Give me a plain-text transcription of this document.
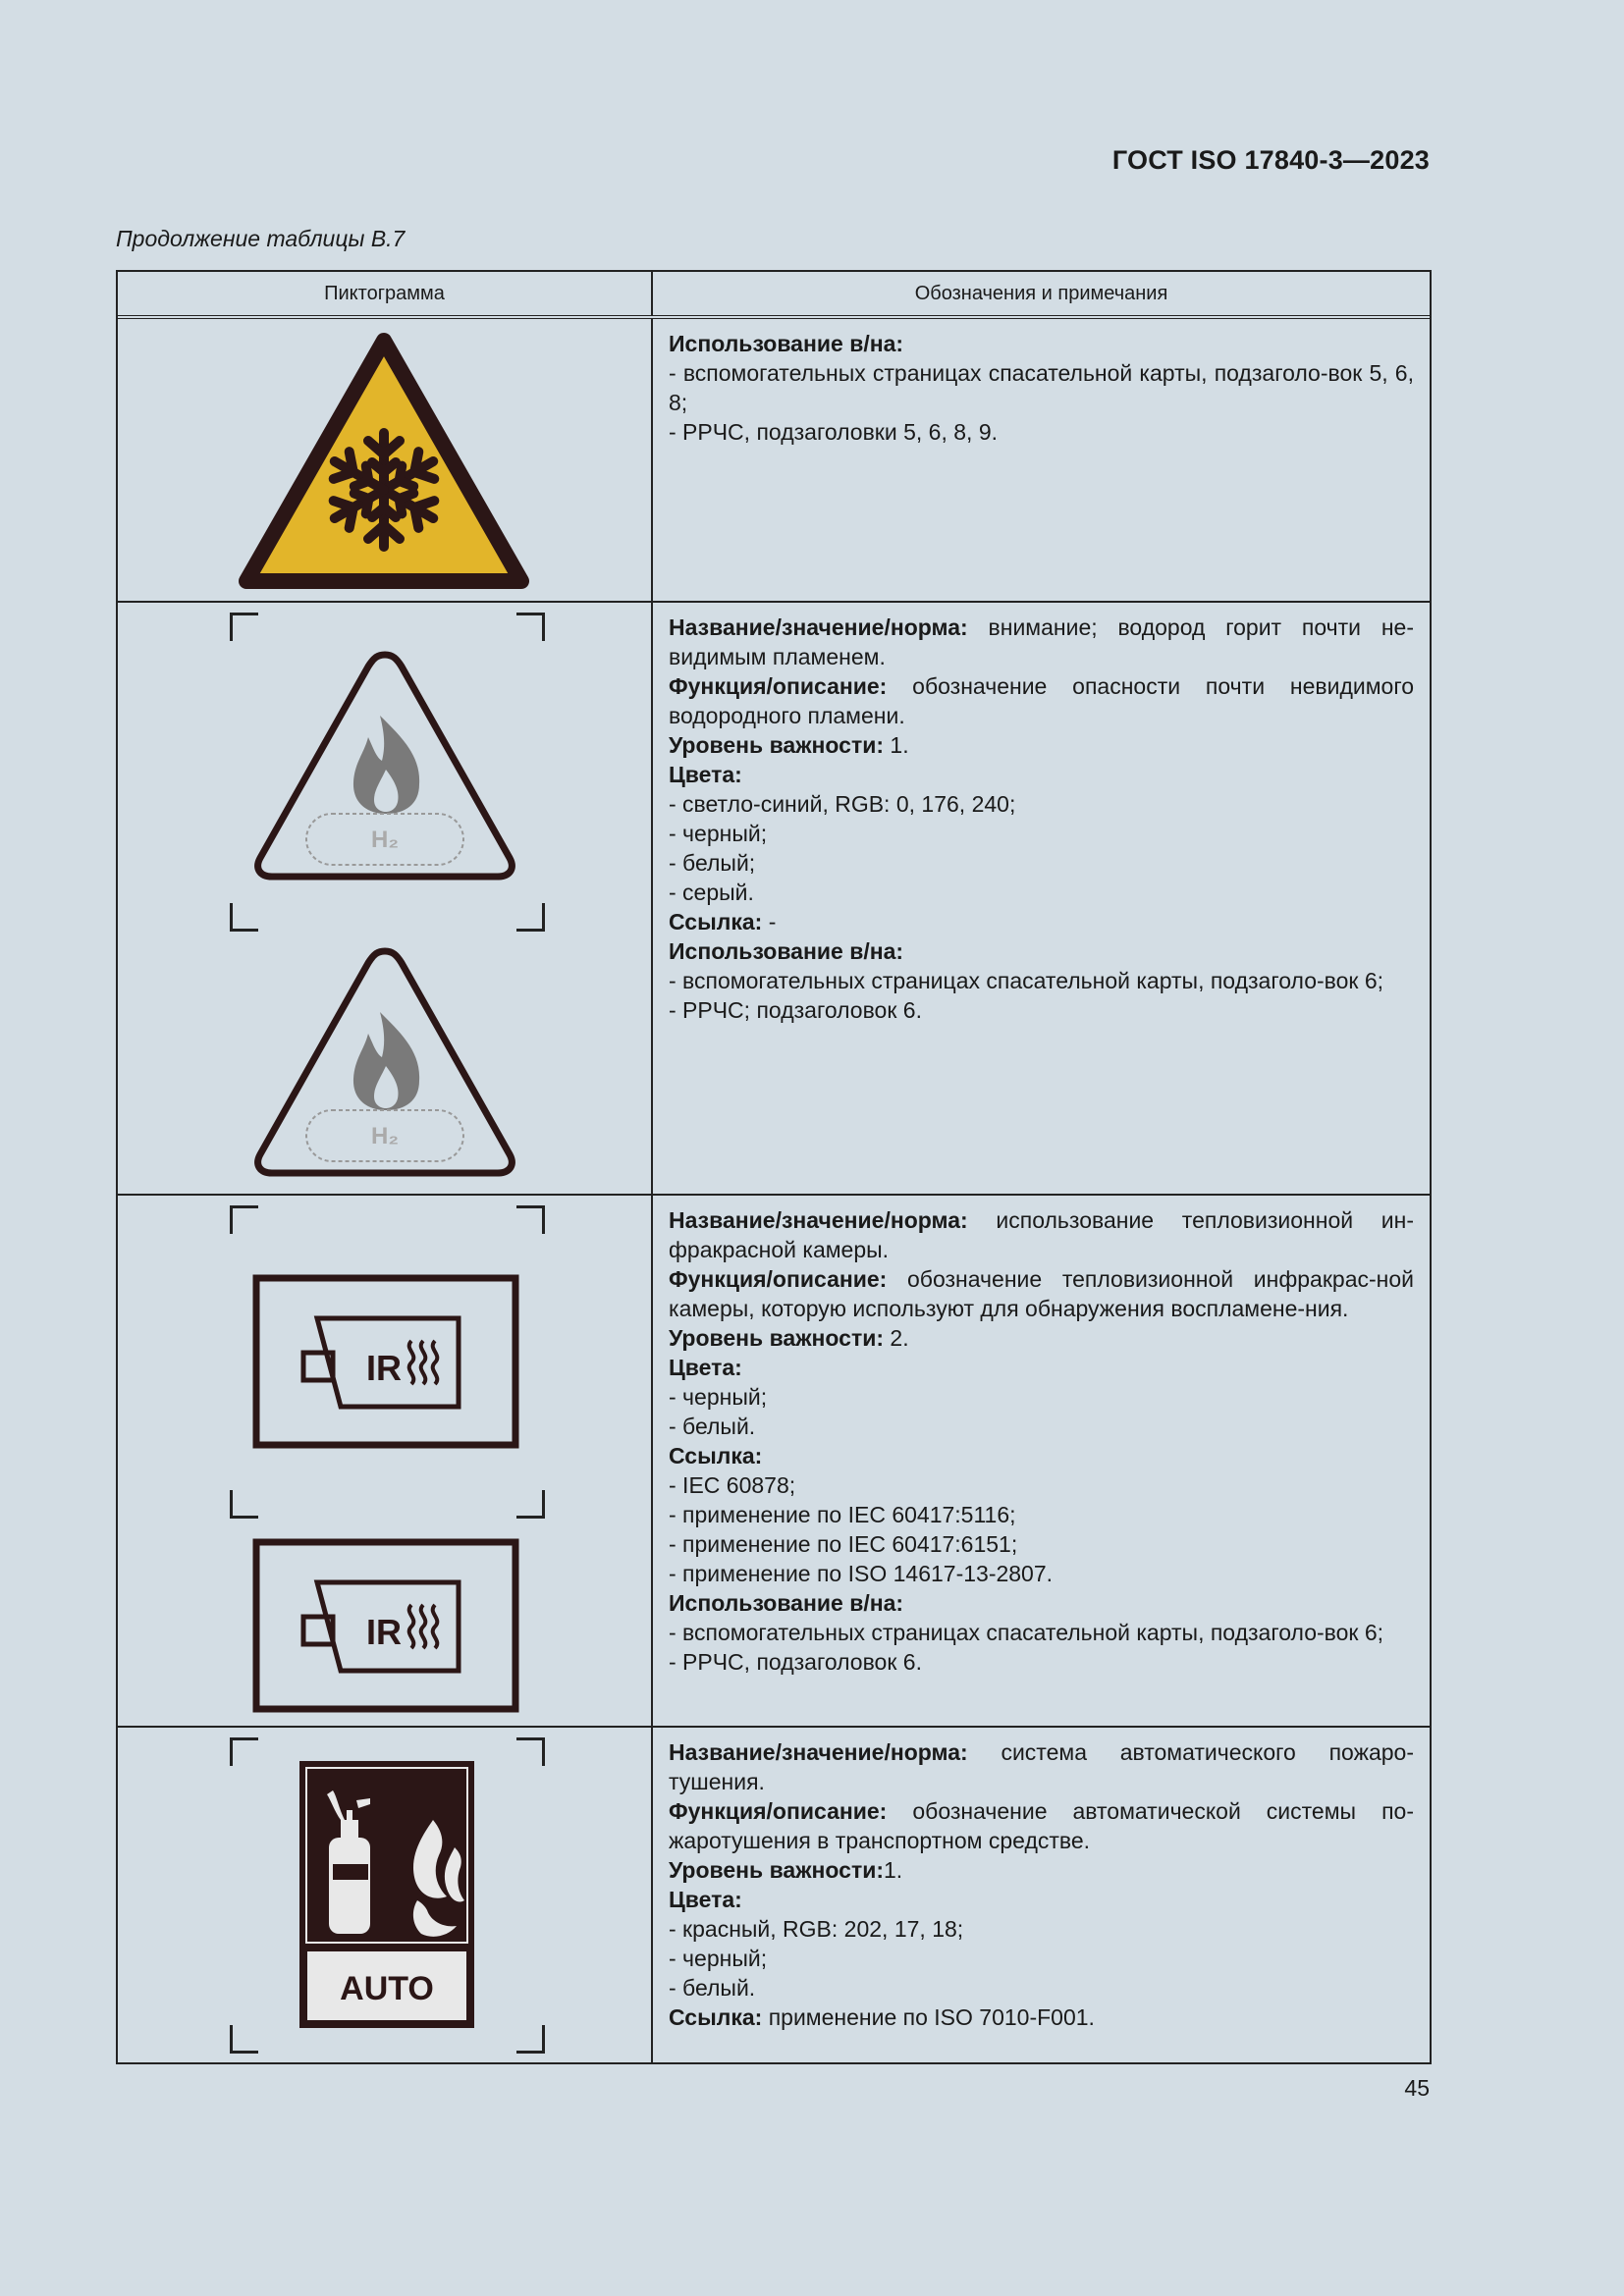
ГОСТ ISO 17840-3—2023
Продолжение таблицы В.7
Пиктограмма	Обозначения и примечания

Использование в/на:

- вспомогательных страницах спасательной карты, подзаголо-вок 5, 6, 8;

- РРЧС, подзаголовки 5, 6, 8, 9.

H₂
H₂

Название/значение/норма: внимание; водород горит почти не-видимым пламенем.

Функция/описание: обозначение опасности почти невидимого водородного пламени.

Уровень важности: 1.

Цвета:

- светло-синий, RGB: 0, 176, 240;

- черный;

- белый;

- серый.

Ссылка: -

Использование в/на:

- вспомогательных страницах спасательной карты, подзаголо-вок 6;

- РРЧС; подзаголовок 6.

IR
IR

Название/значение/норма: использование тепловизионной ин-фракрасной камеры.

Функция/описание: обозначение тепловизионной инфракрас-ной камеры, которую используют для обнаружения воспламене-ния.

Уровень важности: 2.

Цвета:

- черный;

- белый.

Ссылка:

- IEC 60878;

- применение по IEC 60417:5116;

- применение по IEC 60417:6151;

- применение по ISO 14617-13-2807.

Использование в/на:

- вспомогательных страницах спасательной карты, подзаголо-вок 6;

- РРЧС, подзаголовок 6.

AUTO

Название/значение/норма: система автоматического пожаро-тушения.

Функция/описание: обозначение автоматической системы по-жаротушения в транспортном средстве.

Уровень важности:1.

Цвета:

- красный, RGB: 202, 17, 18;

- черный;

- белый.

Ссылка: применение по ISO 7010-F001.

45
